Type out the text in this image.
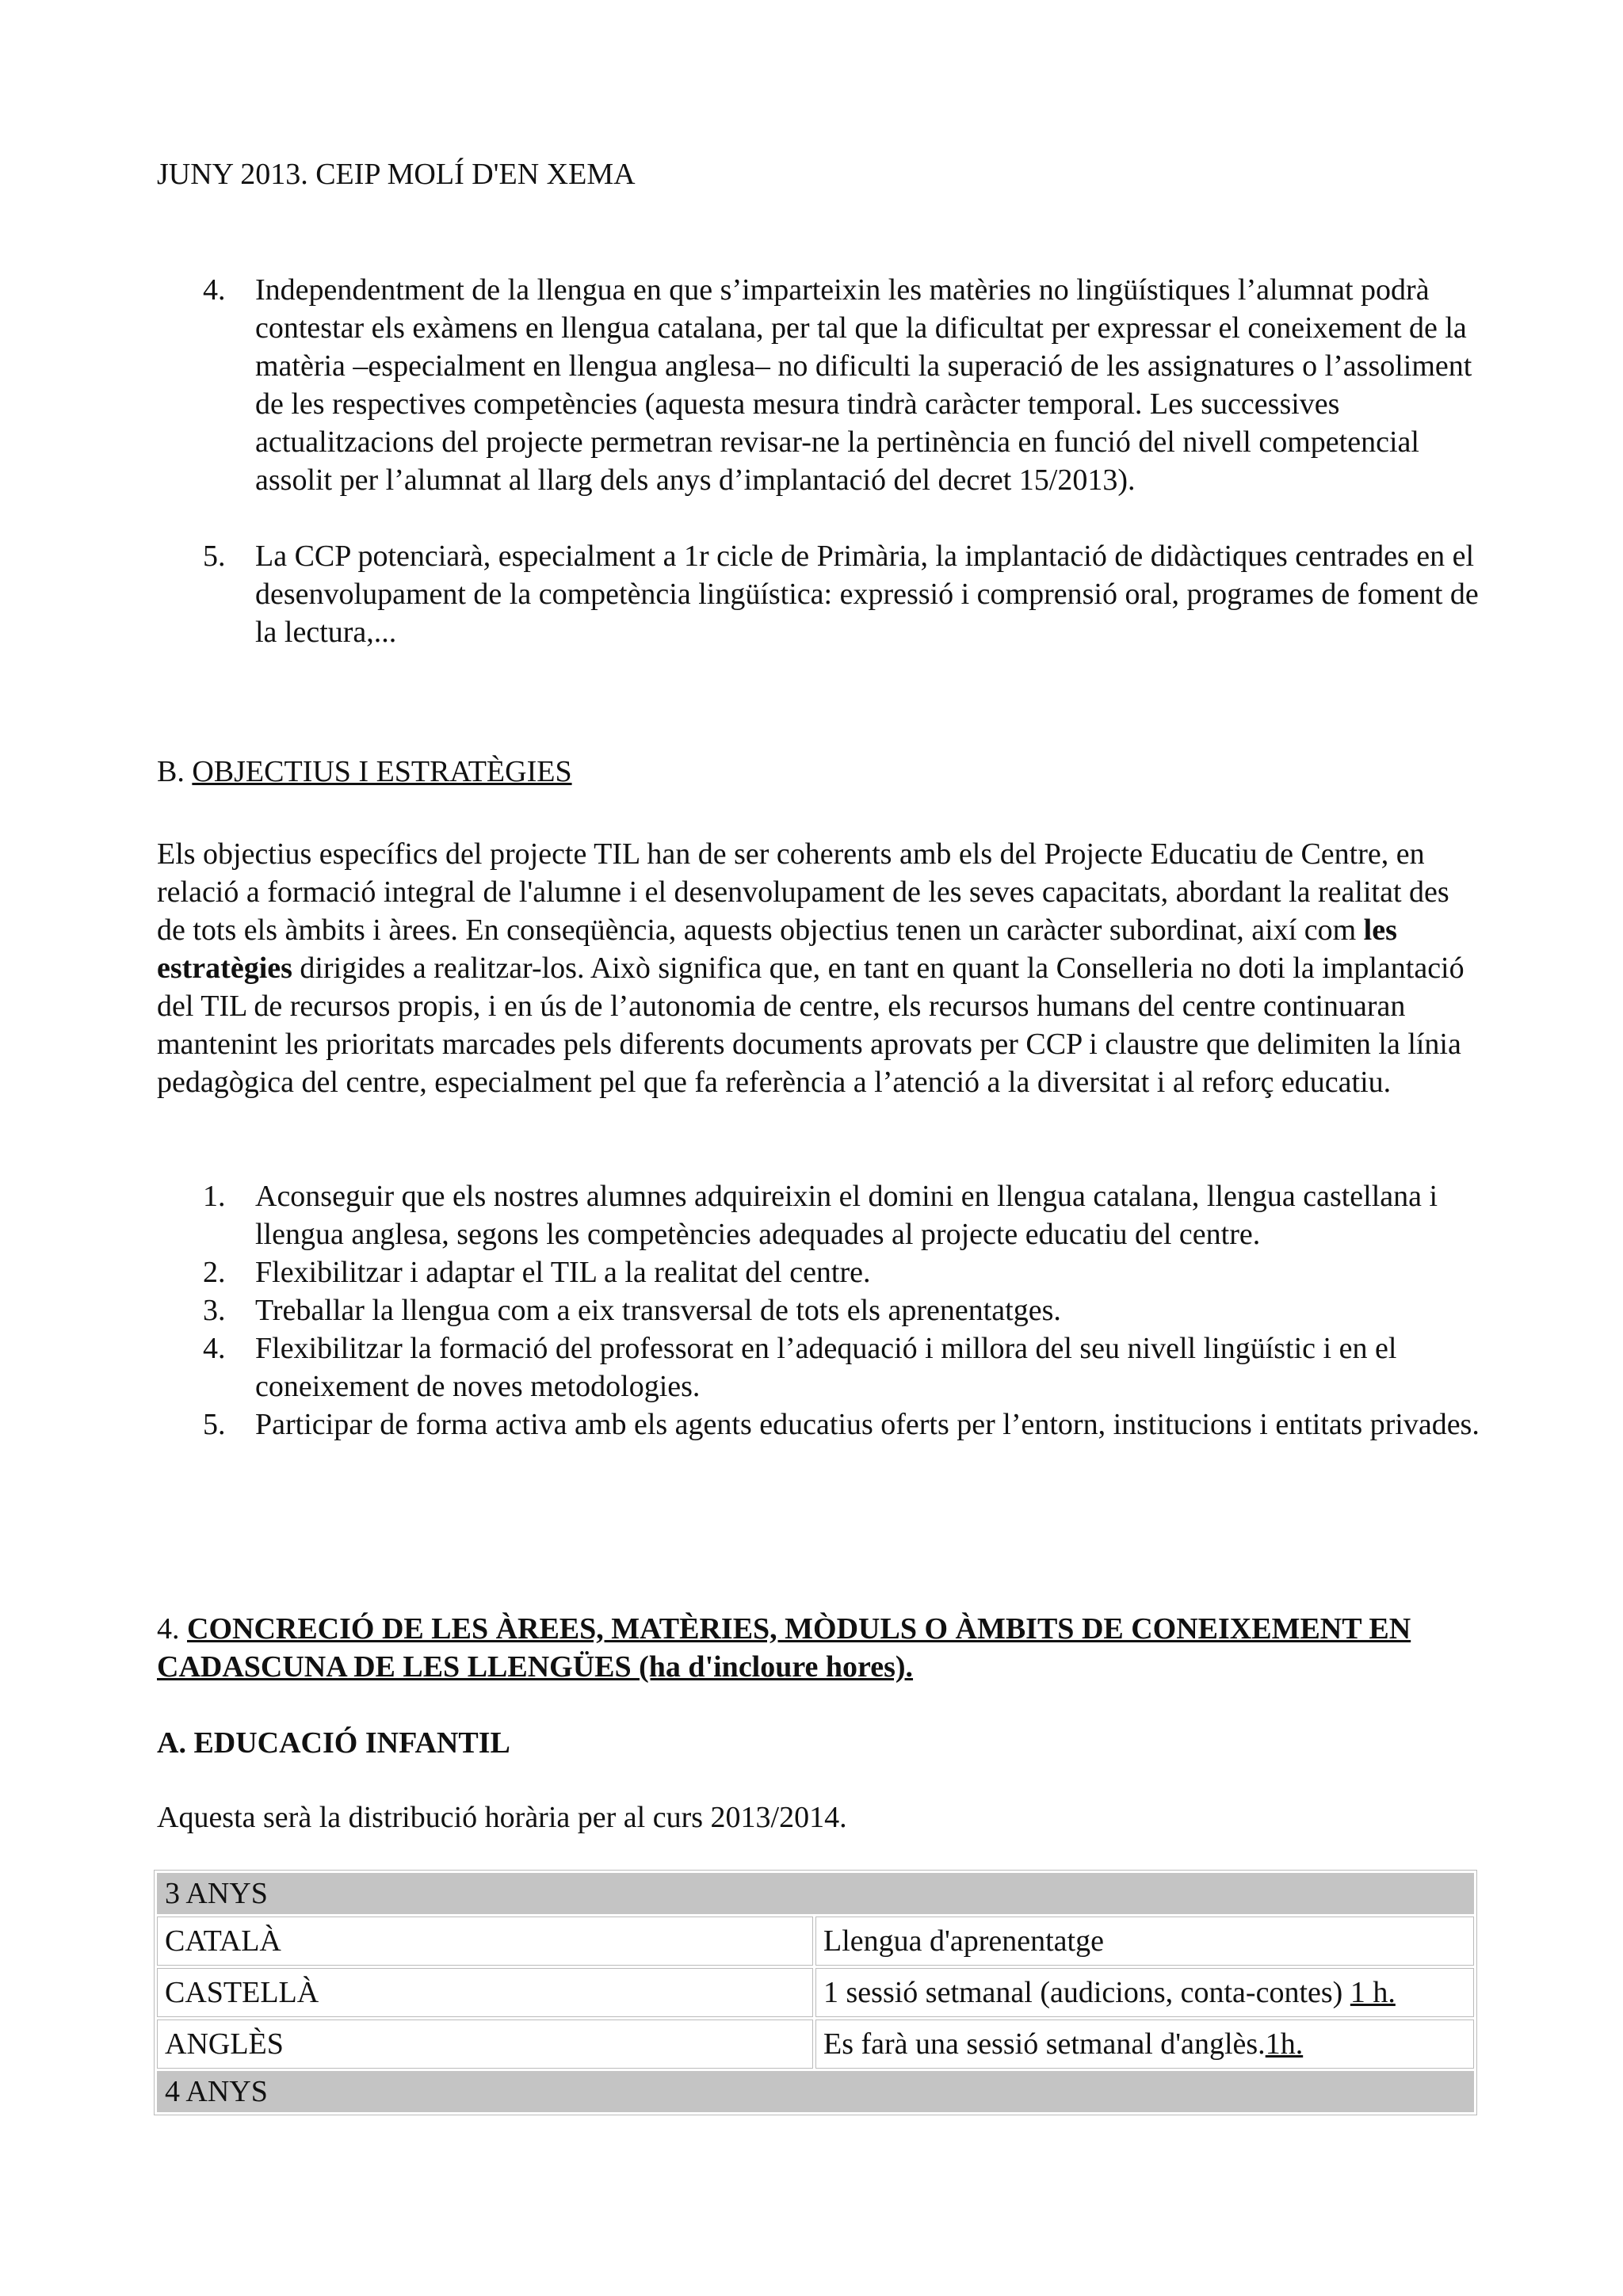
JUNY 2013. CEIP MOLÍ D'EN XEMA

4. Independentment de la llengua en que s’imparteixin les matèries no lingüístiques l’alumnat podrà contestar els exàmens en llengua catalana, per tal que la dificultat per expressar el coneixement de la matèria –especialment en llengua anglesa– no dificulti la superació de les assignatures o l’assoliment de les respectives competències (aquesta mesura tindrà caràcter temporal. Les successives actualitzacions del projecte permetran revisar-ne la pertinència en funció del nivell competencial assolit per l’alumnat al llarg dels anys d’implantació del decret 15/2013).
5. La CCP potenciarà, especialment a 1r cicle de Primària, la implantació de didàctiques centrades en el desenvolupament de la competència lingüística: expressió i comprensió oral, programes de foment de la lectura,...
B. OBJECTIUS I ESTRATÈGIES

Els objectius específics del projecte TIL han de ser coherents amb els del Projecte Educatiu de Centre, en relació a formació integral de l'alumne i el desenvolupament de les seves capacitats, abordant la realitat des de tots els àmbits i àrees. En conseqüència, aquests objectius tenen un caràcter subordinat, així com les estratègies dirigides a realitzar-los. Això significa que, en tant en quant la Conselleria no doti la implantació del TIL de recursos propis, i en ús de l’autonomia de centre, els recursos humans del centre continuaran mantenint les prioritats marcades pels diferents documents aprovats per CCP i claustre que delimiten la línia pedagògica del centre, especialment pel que fa referència a l’atenció a la diversitat i al reforç educatiu.

1. Aconseguir que els nostres alumnes adquireixin el domini en llengua catalana, llengua castellana i llengua anglesa, segons les competències adequades al projecte educatiu del centre.
2. Flexibilitzar i adaptar el TIL a la realitat del centre.
3. Treballar la llengua com a eix transversal de tots els aprenentatges.
4. Flexibilitzar la formació del professorat en l’adequació i millora del seu nivell lingüístic i en el coneixement de noves metodologies.
5. Participar de forma activa amb els agents educatius oferts per l’entorn, institucions i entitats privades.
4. CONCRECIÓ DE LES ÀREES, MATÈRIES, MÒDULS O ÀMBITS DE CONEIXEMENT EN CADASCUNA DE LES LLENGÜES (ha d'incloure hores).
A. EDUCACIÓ INFANTIL

Aquesta serà la distribució horària per al curs 2013/2014.

3 ANYS	
CATALÀ	Llengua d'aprenentatge
CASTELLÀ	1 sessió setmanal (audicions, conta-contes) 1 h.
ANGLÈS	Es farà una sessió setmanal d'anglès.1h.
4 ANYS	
